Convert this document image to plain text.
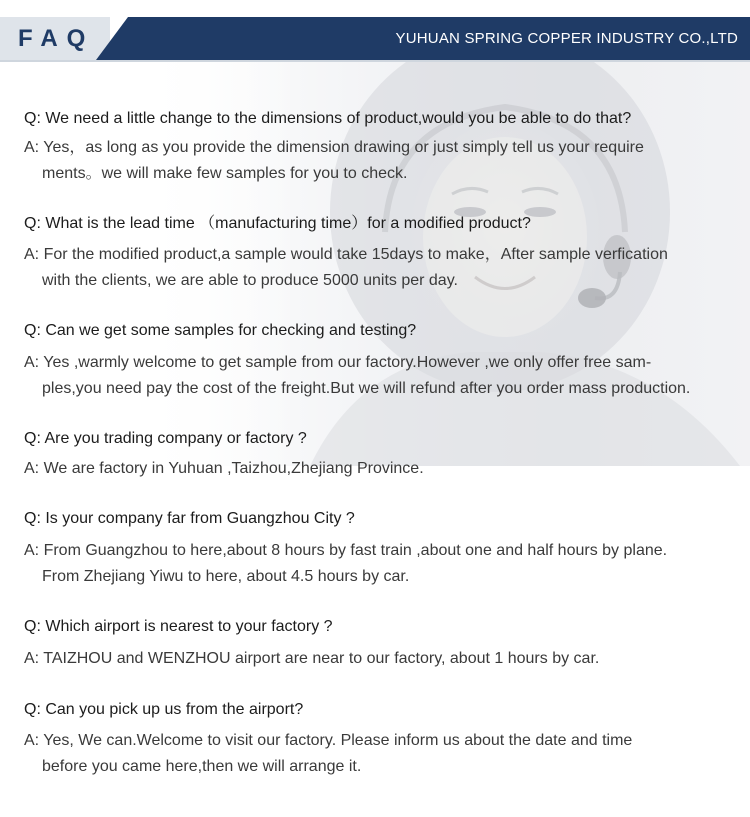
FAQ	YUHUAN SPRING COPPER INDUSTRY CO.,LTD
Q: We need a little change to the dimensions of product,would you be able to do that?
A: Yes，as long as you provide the dimension drawing or just simply tell us your require
ments。we will make few samples for you to check.
Q: What is the lead time （manufacturing time）for a modified product?
A: For the modified product,a sample would take 15days to make，After sample verfication
with the clients, we are able to produce 5000 units per day.
Q: Can we get some samples for checking and testing?
A: Yes ,warmly welcome to get sample from our factory.However ,we only offer free sam-
ples,you need pay the cost of the freight.But we will refund after you order mass production.
Q: Are you trading company or factory ?
A: We are factory in Yuhuan ,Taizhou,Zhejiang Province.
Q: Is your company far from Guangzhou City ?
A: From Guangzhou to here,about 8 hours by fast train ,about one and half hours by plane.
From Zhejiang Yiwu to here, about 4.5 hours by car.
Q: Which airport is nearest to your factory ?
A: TAIZHOU and WENZHOU airport are near to our factory, about 1 hours by car.
Q: Can you pick up us from the airport?
A: Yes, We can.Welcome to visit our factory. Please inform us about the date and time
before you came here,then we will arrange it.
